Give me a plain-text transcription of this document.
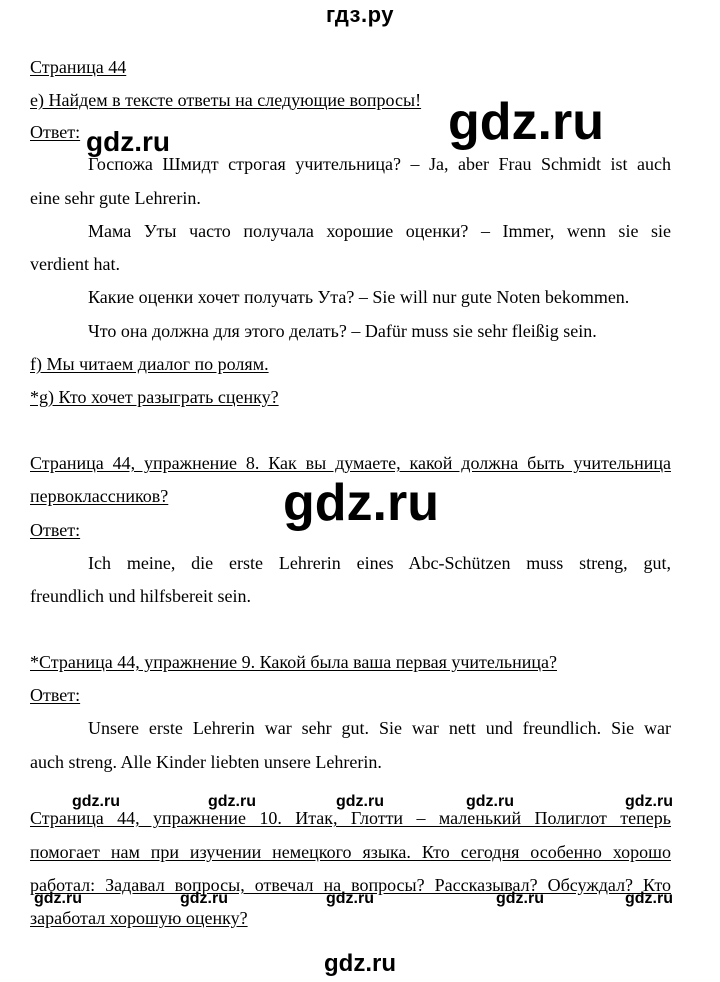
гдз.ру
Страница 44
e) Найдем в тексте ответы на следующие вопросы!
Ответ:
Госпожа Шмидт строгая учительница? – Ja, aber Frau Schmidt ist auch
eine sehr gute Lehrerin.
Мама Уты часто получала хорошие оценки? – Immer, wenn sie sie
verdient hat.
Какие оценки хочет получать Ута? – Sie will nur gute Noten bekommen.
Что она должна для этого делать? – Dafür muss sie sehr fleißig sein.
f) Мы читаем диалог по ролям.
*g) Кто хочет разыграть сценку?
Страница 44, упражнение 8. Как вы думаете, какой должна быть учительница
первоклассников?
Ответ:
Ich meine, die erste Lehrerin eines Abc-Schützen muss streng, gut,
freundlich und hilfsbereit sein.
*Страница 44, упражнение 9. Какой была ваша первая учительница?
Ответ:
Unsere erste Lehrerin war sehr gut. Sie war nett und freundlich. Sie war
auch streng. Alle Kinder liebten unsere Lehrerin.
Страница 44, упражнение 10. Итак, Глотти – маленький Полиглот теперь
помогает нам при изучении немецкого языка. Кто сегодня особенно хорошо
работал: Задавал вопросы, отвечал на вопросы? Рассказывал? Обсуждал? Кто
заработал хорошую оценку?
gdz.ru
gdz.ru
gdz.ru
gdz.ru	gdz.ru	gdz.ru	gdz.ru	gdz.ru
gdz.ru	gdz.ru	gdz.ru	gdz.ru	gdz.ru
gdz.ru
